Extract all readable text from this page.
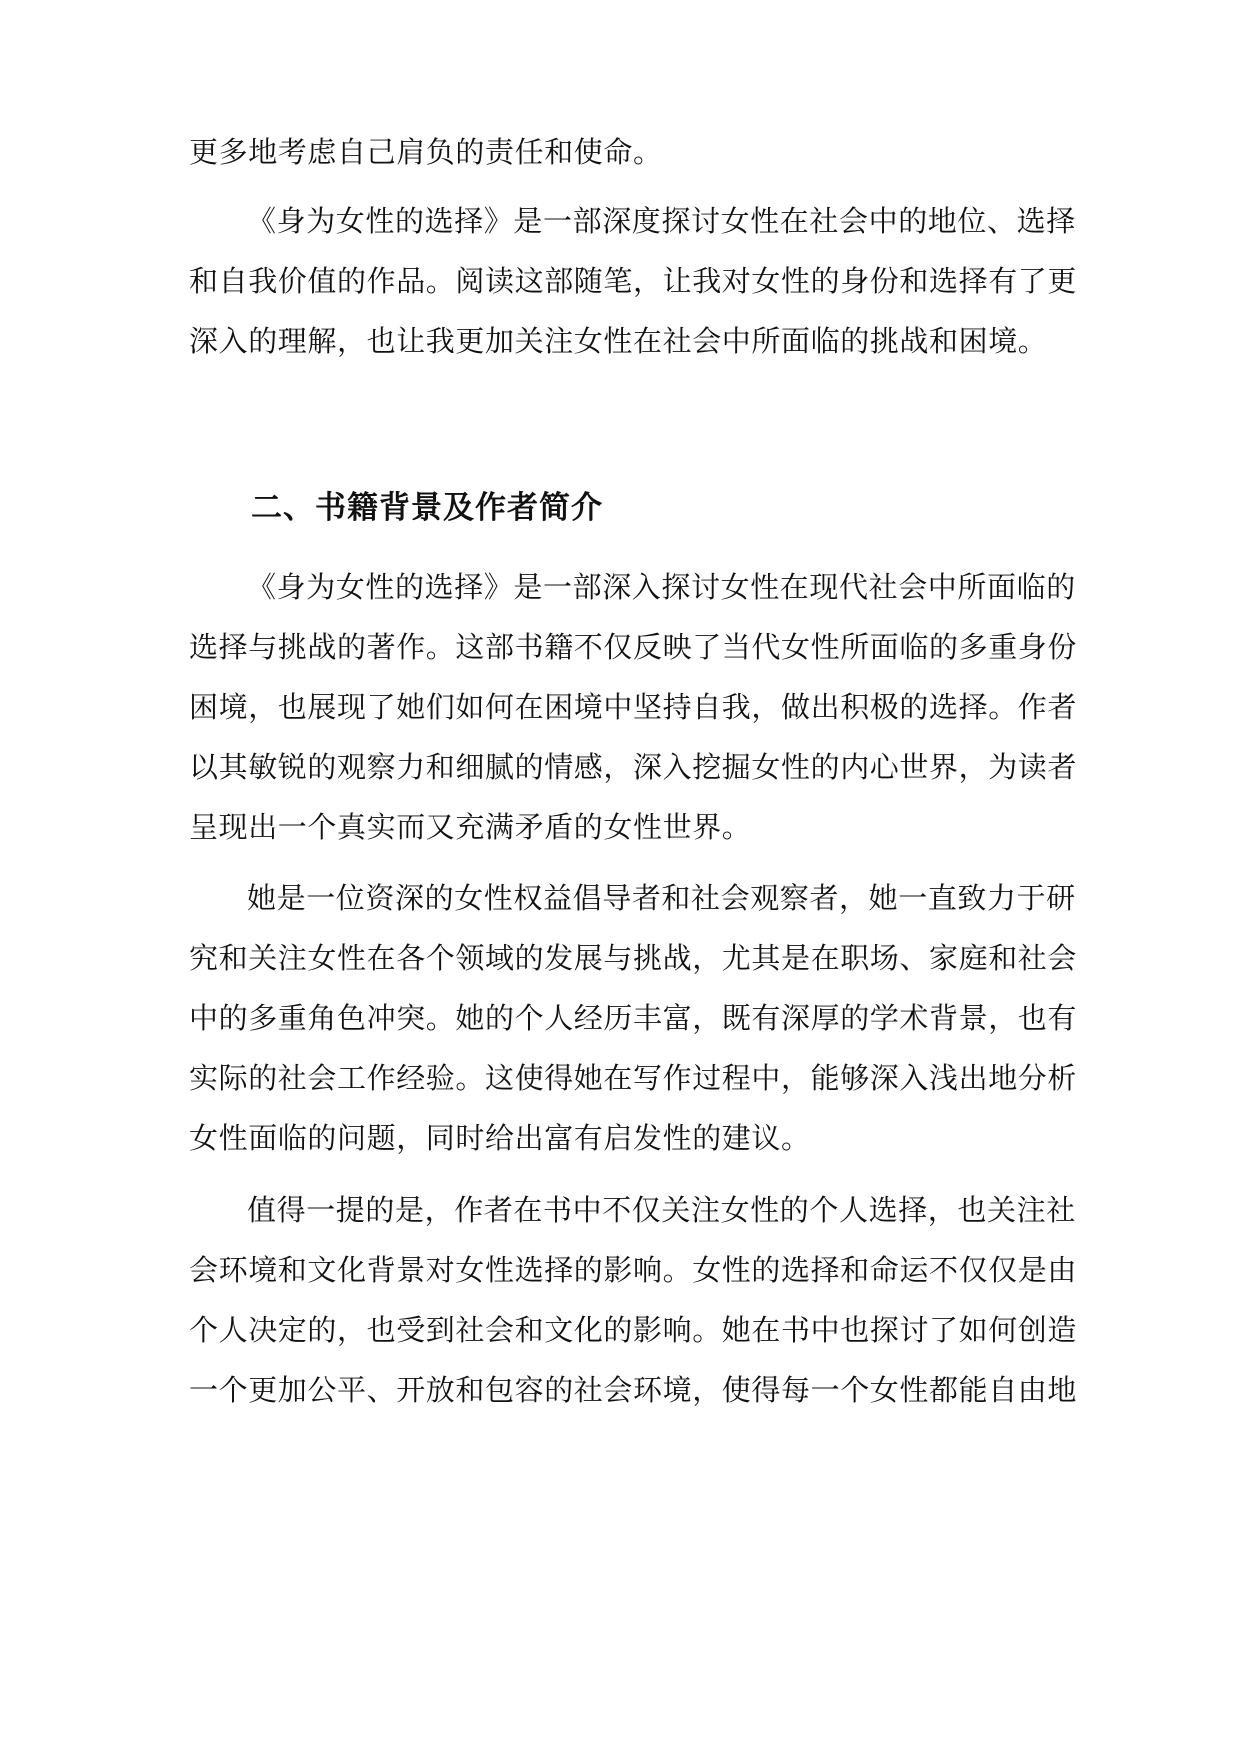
更多地考虑自己肩负的责任和使命。
《身为女性的选择》是一部深度探讨女性在社会中的地位、选择
和自我价值的作品。阅读这部随笔，让我对女性的身份和选择有了更
深入的理解，也让我更加关注女性在社会中所面临的挑战和困境。
二、书籍背景及作者简介
《身为女性的选择》是一部深入探讨女性在现代社会中所面临的
选择与挑战的著作。这部书籍不仅反映了当代女性所面临的多重身份
困境，也展现了她们如何在困境中坚持自我，做出积极的选择。作者
以其敏锐的观察力和细腻的情感，深入挖掘女性的内心世界，为读者
呈现出一个真实而又充满矛盾的女性世界。
她是一位资深的女性权益倡导者和社会观察者，她一直致力于研
究和关注女性在各个领域的发展与挑战，尤其是在职场、家庭和社会
中的多重角色冲突。她的个人经历丰富，既有深厚的学术背景，也有
实际的社会工作经验。这使得她在写作过程中，能够深入浅出地分析
女性面临的问题，同时给出富有启发性的建议。
值得一提的是，作者在书中不仅关注女性的个人选择，也关注社
会环境和文化背景对女性选择的影响。女性的选择和命运不仅仅是由
个人决定的，也受到社会和文化的影响。她在书中也探讨了如何创造
一个更加公平、开放和包容的社会环境，使得每一个女性都能自由地
